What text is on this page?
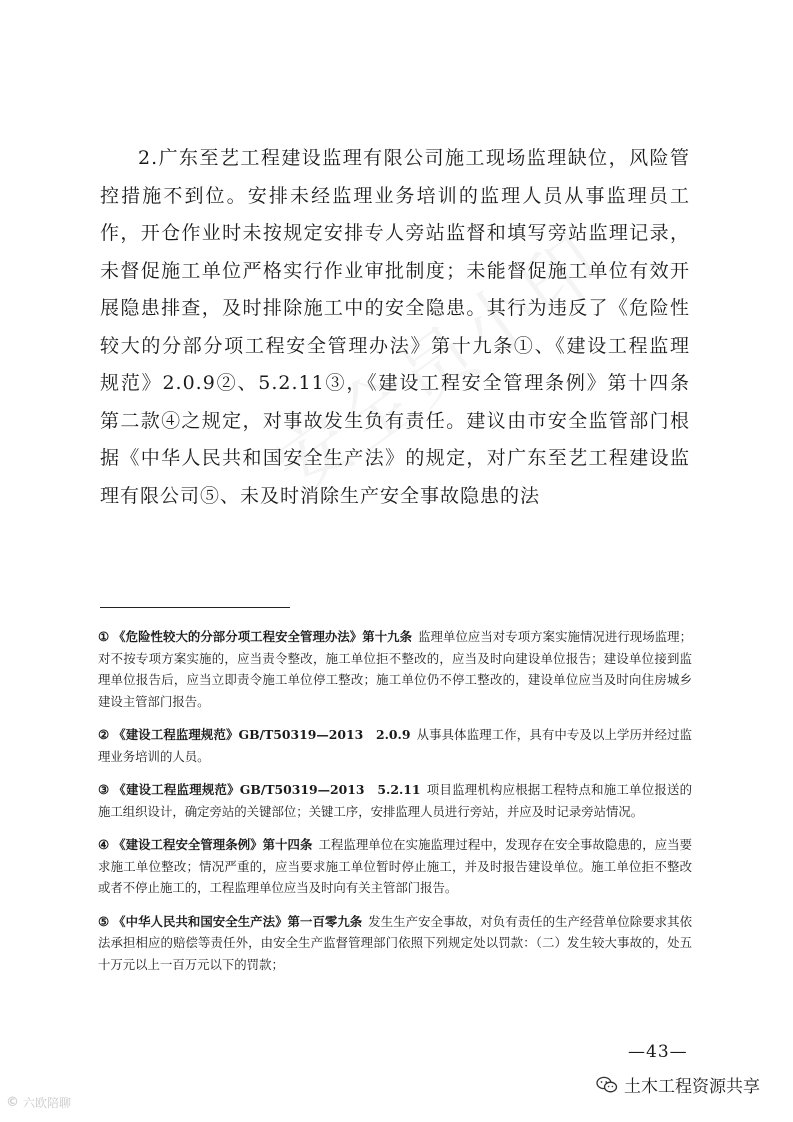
2.广东至艺工程建设监理有限公司施工现场监理缺位，风险管控措施不到位。安排未经监理业务培训的监理人员从事监理员工作，开仓作业时未按规定安排专人旁站监督和填写旁站监理记录，未督促施工单位严格实行作业审批制度；未能督促施工单位有效开展隐患排查，及时排除施工中的安全隐患。其行为违反了《危险性较大的分部分项工程安全管理办法》第十九条①、《建设工程监理规范》2.0.9②、5.2.11③，《建设工程安全管理条例》第十四条第二款④之规定，对事故发生负有责任。建议由市安全监管部门根据《中华人民共和国安全生产法》的规定，对广东至艺工程建设监理有限公司⑤、未及时消除生产安全事故隐患的法

① 《危险性较大的分部分项工程安全管理办法》第十九条 监理单位应当对专项方案实施情况进行现场监理；对不按专项方案实施的，应当责令整改，施工单位拒不整改的，应当及时向建设单位报告；建设单位接到监理单位报告后，应当立即责令施工单位停工整改；施工单位仍不停工整改的，建设单位应当及时向住房城乡建设主管部门报告。
② 《建设工程监理规范》GB/T50319—2013　2.0.9 从事具体监理工作，具有中专及以上学历并经过监理业务培训的人员。
③ 《建设工程监理规范》GB/T50319—2013　5.2.11 项目监理机构应根据工程特点和施工单位报送的施工组织设计，确定旁站的关键部位；关键工序，安排监理人员进行旁站，并应及时记录旁站情况。
④ 《建设工程安全管理条例》第十四条 工程监理单位在实施监理过程中，发现存在安全事故隐患的，应当要求施工单位整改；情况严重的，应当要求施工单位暂时停止施工，并及时报告建设单位。施工单位拒不整改或者不停止施工的，工程监理单位应当及时向有关主管部门报告。
⑤ 《中华人民共和国安全生产法》第一百零九条 发生生产安全事故，对负有责任的生产经营单位除要求其依法承担相应的赔偿等责任外，由安全生产监督管理部门依照下列规定处以罚款：（二）发生较大事故的，处五十万元以上一百万元以下的罚款；
—43—
土木工程资源共享
© 六欧陪聊
